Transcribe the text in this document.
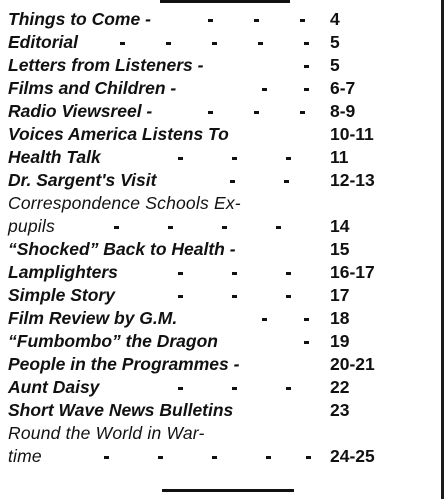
Things to Come -	4
Editorial	5
Letters from Listeners -	5
Films and Children -	6-7
Radio Viewsreel -	8-9
Voices America Listens To	10-11
Health Talk	11
Dr. Sargent's Visit	12-13
Correspondence Schools Ex-
pupils	14
“Shocked” Back to Health -	15
Lamplighters	16-17
Simple Story	17
Film Review by G.M.	18
“Fumbombo” the Dragon	19
People in the Programmes -	20-21
Aunt Daisy	22
Short Wave News Bulletins	23
Round the World in War-
time	24-25
